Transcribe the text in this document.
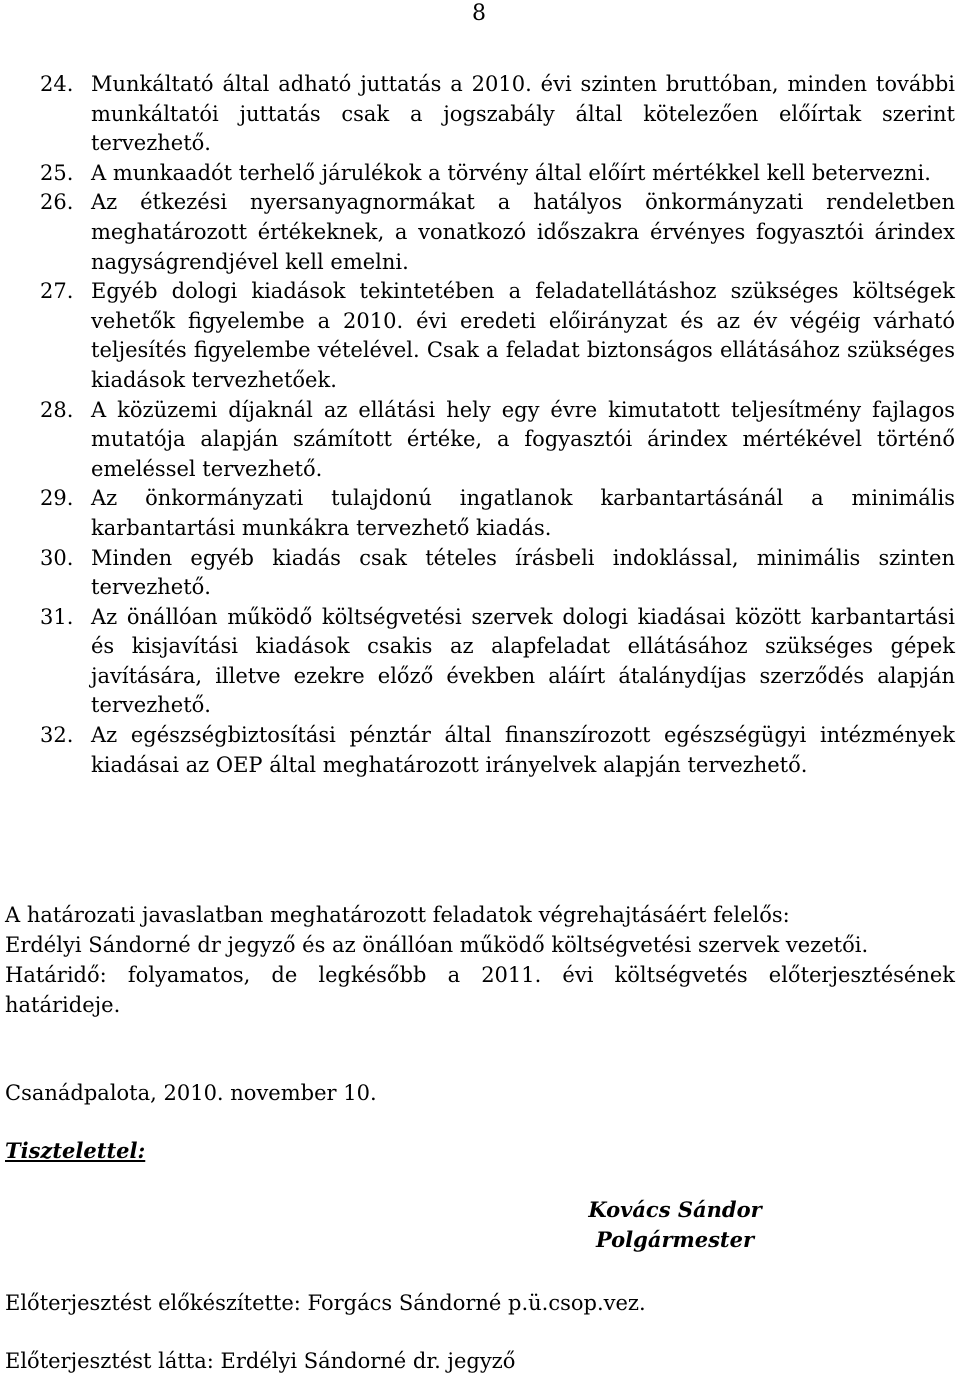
8
24. Munkáltató által adható juttatás a 2010. évi szinten bruttóban, minden további munkáltatói juttatás csak a jogszabály által kötelezően előírtak szerint tervezhető.
25. A munkaadót terhelő járulékok a törvény által előírt mértékkel kell betervezni.
26. Az étkezési nyersanyagnormákat a hatályos önkormányzati rendeletben meghatározott értékeknek, a vonatkozó időszakra érvényes fogyasztói árindex nagyságrendjével kell emelni.
27. Egyéb dologi kiadások tekintetében a feladatellátáshoz szükséges költségek vehetők figyelembe a 2010. évi eredeti előirányzat és az év végéig várható teljesítés figyelembe vételével. Csak a feladat biztonságos ellátásához szükséges kiadások tervezhetőek.
28. A közüzemi díjaknál az ellátási hely egy évre kimutatott teljesítmény fajlagos mutatója alapján számított értéke, a fogyasztói árindex mértékével történő emeléssel tervezhető.
29. Az önkormányzati tulajdonú ingatlanok karbantartásánál a minimális karbantartási munkákra tervezhető kiadás.
30. Minden egyéb kiadás csak tételes írásbeli indoklással, minimális szinten tervezhető.
31. Az önállóan működő költségvetési szervek dologi kiadásai között karbantartási és kisjavítási kiadások csakis az alapfeladat ellátásához szükséges gépek javítására, illetve ezekre előző években aláírt átalánydíjas szerződés alapján tervezhető.
32. Az egészségbiztosítási pénztár által finanszírozott egészségügyi intézmények kiadásai az OEP által meghatározott irányelvek alapján tervezhető.

A határozati javaslatban meghatározott feladatok végrehajtásáért felelős:

Erdélyi Sándorné dr jegyző és az önállóan működő költségvetési szervek vezetői.

Határidő: folyamatos, de legkésőbb a 2011. évi költségvetés előterjesztésének határideje.

Csanádpalota, 2010. november 10.
Tisztelettel:
Kovács Sándor
Polgármester
Előterjesztést előkészítette: Forgács Sándorné p.ü.csop.vez.
Előterjesztést látta: Erdélyi Sándorné dr. jegyző
